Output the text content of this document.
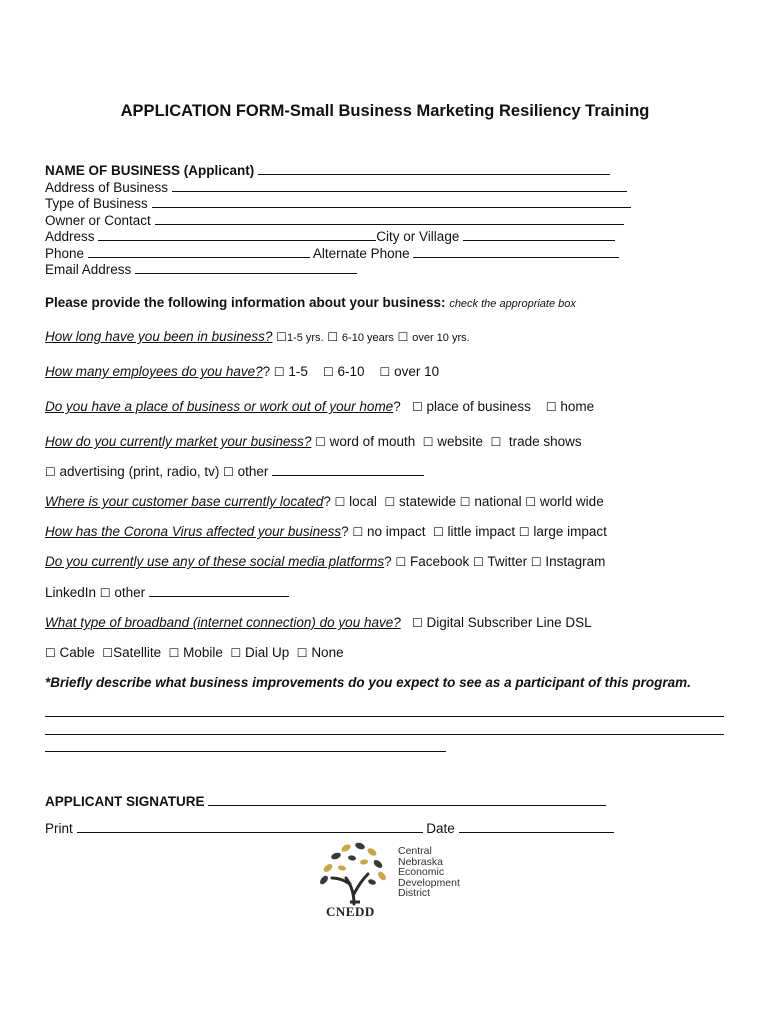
APPLICATION FORM-Small Business Marketing Resiliency Training
NAME OF BUSINESS (Applicant)
Address of Business
Type of Business
Owner or Contact
Address	City or Village
Phone	Alternate Phone
Email Address
Please provide the following information about your business: check the appropriate box
How long have you been in business? ☐1-5 yrs. ☐ 6-10 years ☐ over 10 yrs.
How many employees do you have?? ☐ 1-5 ☐ 6-10 ☐ over 10
Do you have a place of business or work out of your home?   ☐ place of business ☐ home
How do you currently market your business? ☐ word of mouth ☐ website ☐ trade shows
☐ advertising (print, radio, tv) ☐ other
Where is your customer base currently located? ☐ local ☐ statewide ☐ national ☐ world wide
How has the Corona Virus affected your business? ☐ no impact ☐ little impact ☐ large impact
Do you currently use any of these social media platforms? ☐ Facebook ☐ Twitter ☐ Instagram
LinkedIn ☐ other
What type of broadband (internet connection) do you have? ☐ Digital Subscriber Line DSL
☐ Cable ☐Satellite ☐ Mobile ☐ Dial Up ☐ None
*Briefly describe what business improvements do you expect to see as a participant of this program.
APPLICANT SIGNATURE
Print	Date
Central
Nebraska
Economic
Development
District
CNEDD
